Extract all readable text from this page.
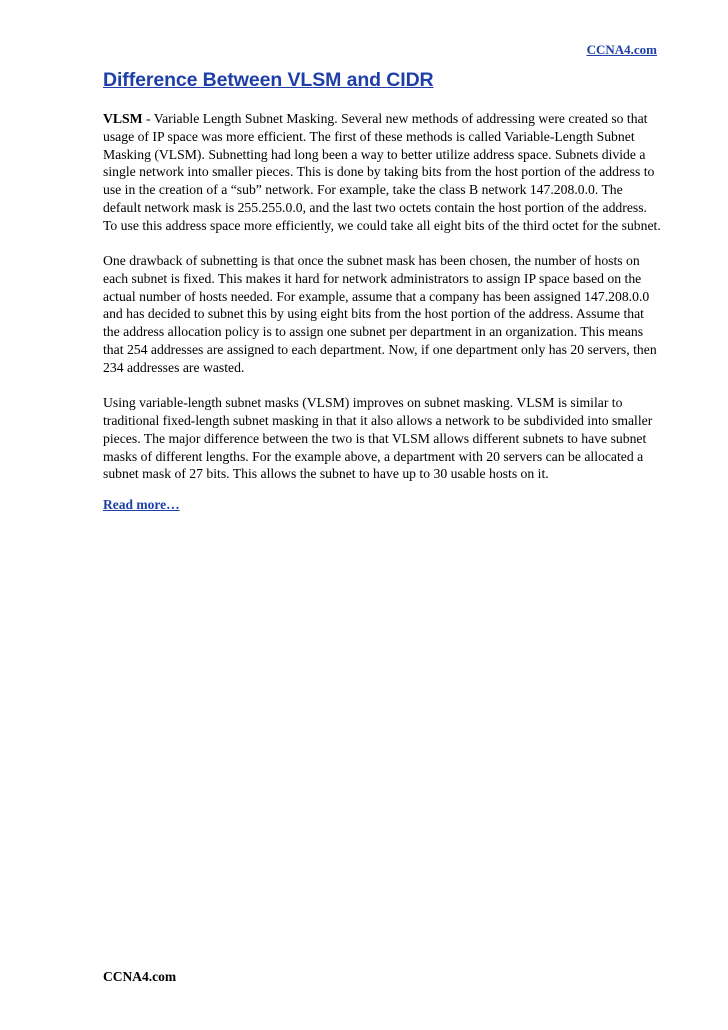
CCNA4.com
Difference Between VLSM and CIDR

VLSM - Variable Length Subnet Masking. Several new methods of addressing were created so that usage of IP space was more efficient. The first of these methods is called Variable-Length Subnet Masking (VLSM). Subnetting had long been a way to better utilize address space. Subnets divide a single network into smaller pieces. This is done by taking bits from the host portion of the address to use in the creation of a “sub” network. For example, take the class B network 147.208.0.0. The default network mask is 255.255.0.0, and the last two octets contain the host portion of the address. To use this address space more efficiently, we could take all eight bits of the third octet for the subnet.

One drawback of subnetting is that once the subnet mask has been chosen, the number of hosts on each subnet is fixed. This makes it hard for network administrators to assign IP space based on the actual number of hosts needed. For example, assume that a company has been assigned 147.208.0.0 and has decided to subnet this by using eight bits from the host portion of the address. Assume that the address allocation policy is to assign one subnet per department in an organization. This means that 254 addresses are assigned to each department. Now, if one department only has 20 servers, then 234 addresses are wasted.

Using variable-length subnet masks (VLSM) improves on subnet masking. VLSM is similar to traditional fixed-length subnet masking in that it also allows a network to be subdivided into smaller pieces. The major difference between the two is that VLSM allows different subnets to have subnet masks of different lengths. For the example above, a department with 20 servers can be allocated a subnet mask of 27 bits. This allows the subnet to have up to 30 usable hosts on it.

Read more…
CCNA4.com
